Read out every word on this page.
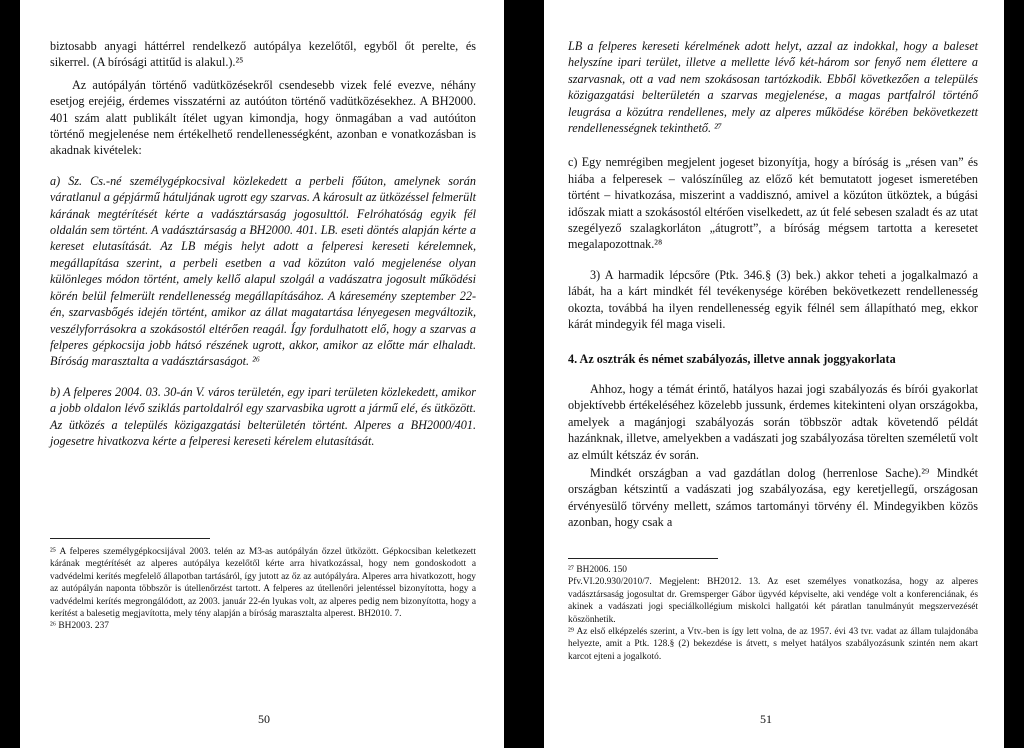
biztosabb anyagi háttérrel rendelkező autópálya kezelőtől, egyből őt perelte, és sikerrel. (A bírósági attitűd is alakul.).²⁵
Az autópályán történő vadütközésekről csendesebb vizek felé evezve, néhány esetjog erejéig, érdemes visszatérni az autóúton történő vadütközésekhez. A BH2000. 401 szám alatt publikált ítélet ugyan kimondja, hogy önmagában a vad autóúton történő megjelenése nem értékelhető rendellenességként, azonban e vonatkozásban is akadnak kivételek:
a) Sz. Cs.-né személygépkocsival közlekedett a perbeli főúton, amelynek során váratlanul a gépjármű hátuljának ugrott egy szarvas. A károsult az ütközéssel felmerült kárának megtérítését kérte a vadásztársaság jogosulttól. Felróhatóság egyik fél oldalán sem történt. A vadásztársaság a BH2000. 401. LB. eseti döntés alapján kérte a kereset elutasítását. Az LB mégis helyt adott a felperesi kereseti kérelemnek, megállapítása szerint, a perbeli esetben a vad közúton való megjelenése olyan különleges módon történt, amely kellő alapul szolgál a vadászatra jogosult működési körén belül felmerült rendellenesség megállapításához. A káresemény szeptember 22-én, szarvasbőgés idején történt, amikor az állat magatartása lényegesen megváltozik, veszélyforrásokra a szokásostól eltérően reagál. Így fordulhatott elő, hogy a szarvas a felperes gépkocsija jobb hátsó részének ugrott, akkor, amikor az előtte már elhaladt. Bíróság marasztalta a vadásztársaságot. ²⁶
b) A felperes 2004. 03. 30-án V. város területén, egy ipari területen közlekedett, amikor a jobb oldalon lévő sziklás partoldalról egy szarvasbika ugrott a jármű elé, és ütközött. Az ütközés a település közigazgatási belterületén történt. Alperes a BH2000/401. jogesetre hivatkozva kérte a felperesi kereseti kérelem elutasítását.
²⁵ A felperes személygépkocsijával 2003. telén az M3-as autópályán őzzel ütközött. Gépkocsiban keletkezett kárának megtérítését az alperes autópálya kezelőtől kérte arra hivatkozással, hogy nem gondoskodott a vadvédelmi kerítés megfelelő állapotban tartásáról, így jutott az őz az autópályára. Alperes arra hivatkozott, hogy az autópályán naponta többször is útellenőrzést tartott. A felperes az útellenőri jelentéssel bizonyította, hogy a vadvédelmi kerítés megrongálódott, az 2003. január 22-én lyukas volt, az alperes pedig nem bizonyította, hogy a kerítést a balesetig megjavította, mely tény alapján a bíróság marasztalta alperest. BH2010. 7.
²⁶ BH2003. 237
50
LB a felperes kereseti kérelmének adott helyt, azzal az indokkal, hogy a baleset helyszíne ipari terület, illetve a mellette lévő két-három sor fenyő nem élettere a szarvasnak, ott a vad nem szokásosan tartózkodik. Ebből következően a település közigazgatási belterületén a szarvas megjelenése, a magas partfalról történő leugrása a közútra rendellenes, mely az alperes működése körében bekövetkezett rendellenességnek tekinthető. ²⁷
c) Egy nemrégiben megjelent jogeset bizonyítja, hogy a bíróság is „résen van” és hiába a felperesek – valószínűleg az előző két bemutatott jogeset ismeretében történt – hivatkozása, miszerint a vaddisznó, amivel a közúton ütköztek, a búgási időszak miatt a szokásostól eltérően viselkedett, az út felé sebesen szaladt és az utat szegélyező szalagkorláton „átugrott”, a bíróság mégsem tartotta a keresetet megalapozottnak.²⁸
3) A harmadik lépcsőre (Ptk. 346.§ (3) bek.) akkor teheti a jogalkalmazó a lábát, ha a kárt mindkét fél tevékenysége körében bekövetkezett rendellenesség okozta, továbbá ha ilyen rendellenesség egyik félnél sem állapítható meg, ekkor kárát mindegyik fél maga viseli.
4. Az osztrák és német szabályozás, illetve annak joggyakorlata
Ahhoz, hogy a témát érintő, hatályos hazai jogi szabályozás és bírói gyakorlat objektívebb értékeléséhez közelebb jussunk, érdemes kitekinteni olyan országokba, amelyek a magánjogi szabályozás során többször adtak követendő példát hazánknak, illetve, amelyekben a vadászati jog szabályozása törelten személetű volt az elmúlt kétszáz év során.
Mindkét országban a vad gazdátlan dolog (herrenlose Sache).²⁹ Mindkét országban kétszintű a vadászati jog szabályozása, egy keretjellegű, országosan érvényesülő törvény mellett, számos tartományi törvény él. Mindegyikben közös azonban, hogy csak a
²⁷ BH2006. 150
Pfv.VI.20.930/2010/7. Megjelent: BH2012. 13. Az eset személyes vonatkozása, hogy az alperes vadásztársaság jogosultat dr. Gremsperger Gábor ügyvéd képviselte, aki vendége volt a konferenciának, és akinek a vadászati jogi speciálkollégium miskolci hallgatói két páratlan tanulmányút megszervezését köszönhetik.
²⁹ Az első elképzelés szerint, a Vtv.-ben is így lett volna, de az 1957. évi 43 tvr. vadat az állam tulajdonába helyezte, amit a Ptk. 128.§ (2) bekezdése is átvett, s melyet hatályos szabályozásunk szintén nem akart karcot ejteni a jogalkotó.
51
